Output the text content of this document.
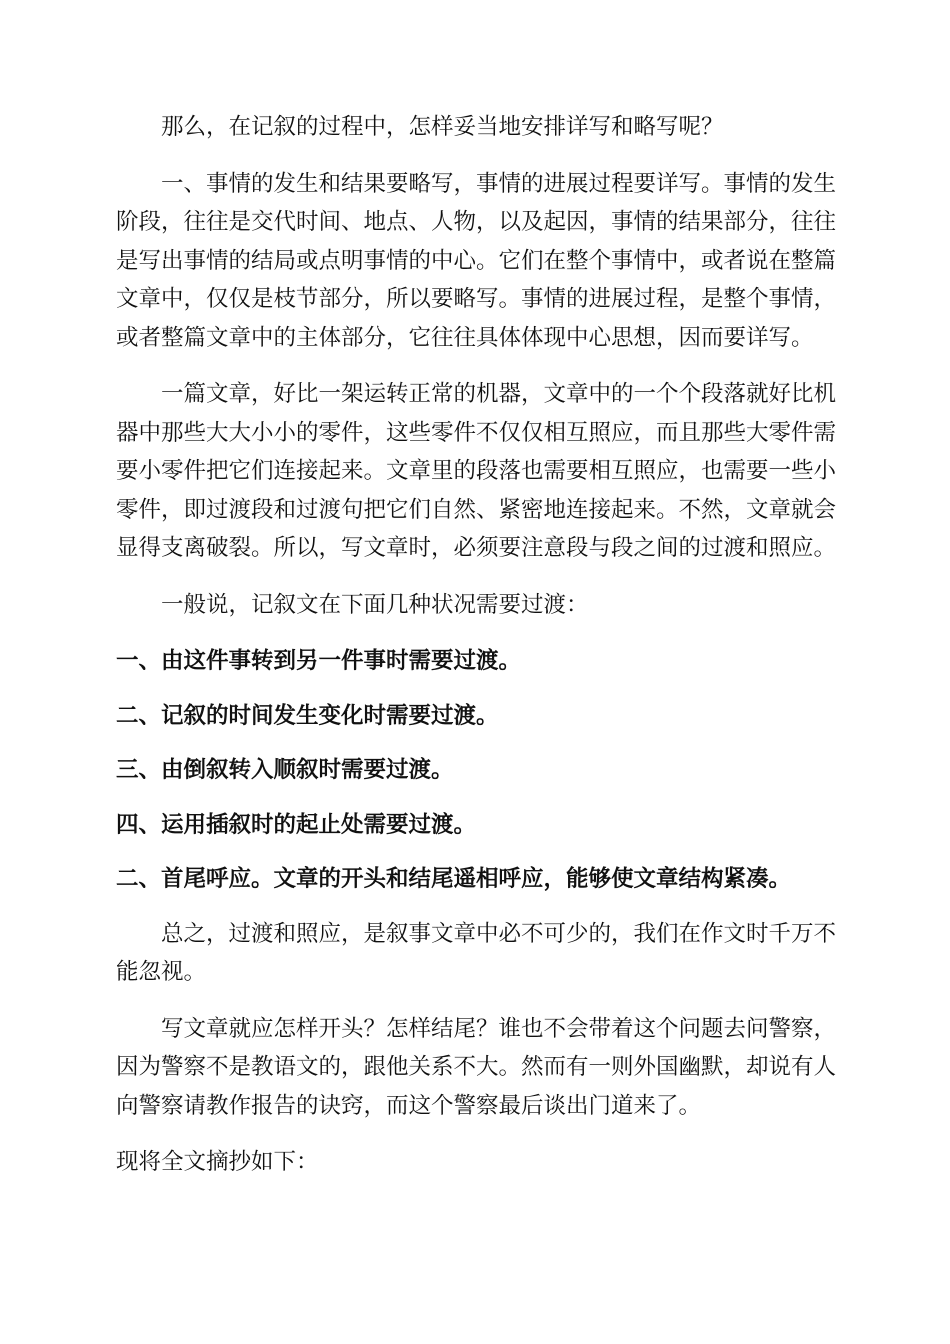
那么，在记叙的过程中，怎样妥当地安排详写和略写呢？

一、事情的发生和结果要略写，事情的进展过程要详写。事情的发生阶段，往往是交代时间、地点、人物，以及起因，事情的结果部分，往往是写出事情的结局或点明事情的中心。它们在整个事情中，或者说在整篇文章中，仅仅是枝节部分，所以要略写。事情的进展过程，是整个事情，或者整篇文章中的主体部分，它往往具体体现中心思想，因而要详写。

一篇文章，好比一架运转正常的机器，文章中的一个个段落就好比机器中那些大大小小的零件，这些零件不仅仅相互照应，而且那些大零件需要小零件把它们连接起来。文章里的段落也需要相互照应，也需要一些小零件，即过渡段和过渡句把它们自然、紧密地连接起来。不然，文章就会显得支离破裂。所以，写文章时，必须要注意段与段之间的过渡和照应。

一般说，记叙文在下面几种状况需要过渡：

一、由这件事转到另一件事时需要过渡。

二、记叙的时间发生变化时需要过渡。

三、由倒叙转入顺叙时需要过渡。

四、运用插叙时的起止处需要过渡。

二、首尾呼应。文章的开头和结尾遥相呼应，能够使文章结构紧凑。

总之，过渡和照应，是叙事文章中必不可少的，我们在作文时千万不能忽视。

写文章就应怎样开头？怎样结尾？谁也不会带着这个问题去问警察，因为警察不是教语文的，跟他关系不大。然而有一则外国幽默，却说有人向警察请教作报告的诀窍，而这个警察最后谈出门道来了。

现将全文摘抄如下：
